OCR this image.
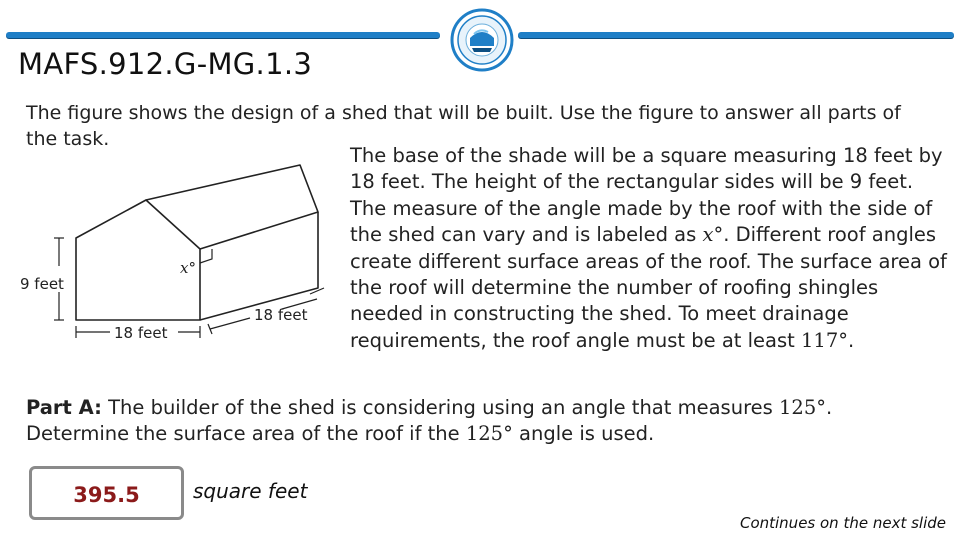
MAFS.912.G-MG.1.3

The figure shows the design of a shed that will be built. Use the figure to answer all parts of the task.

x°
9 feet
18 feet
18 feet

The base of the shade will be a square measuring 18 feet by 18 feet. The height of the rectangular sides will be 9 feet. The measure of the angle made by the roof with the side of the shed can vary and is labeled as x°. Different roof angles create different surface areas of the roof. The surface area of the roof will determine the number of roofing shingles needed in constructing the shed. To meet drainage requirements, the roof angle must be at least 117°.

Part A: The builder of the shed is considering using an angle that measures 125°. Determine the surface area of the roof if the 125° angle is used.

395.5	square feet
Continues on the next slide
